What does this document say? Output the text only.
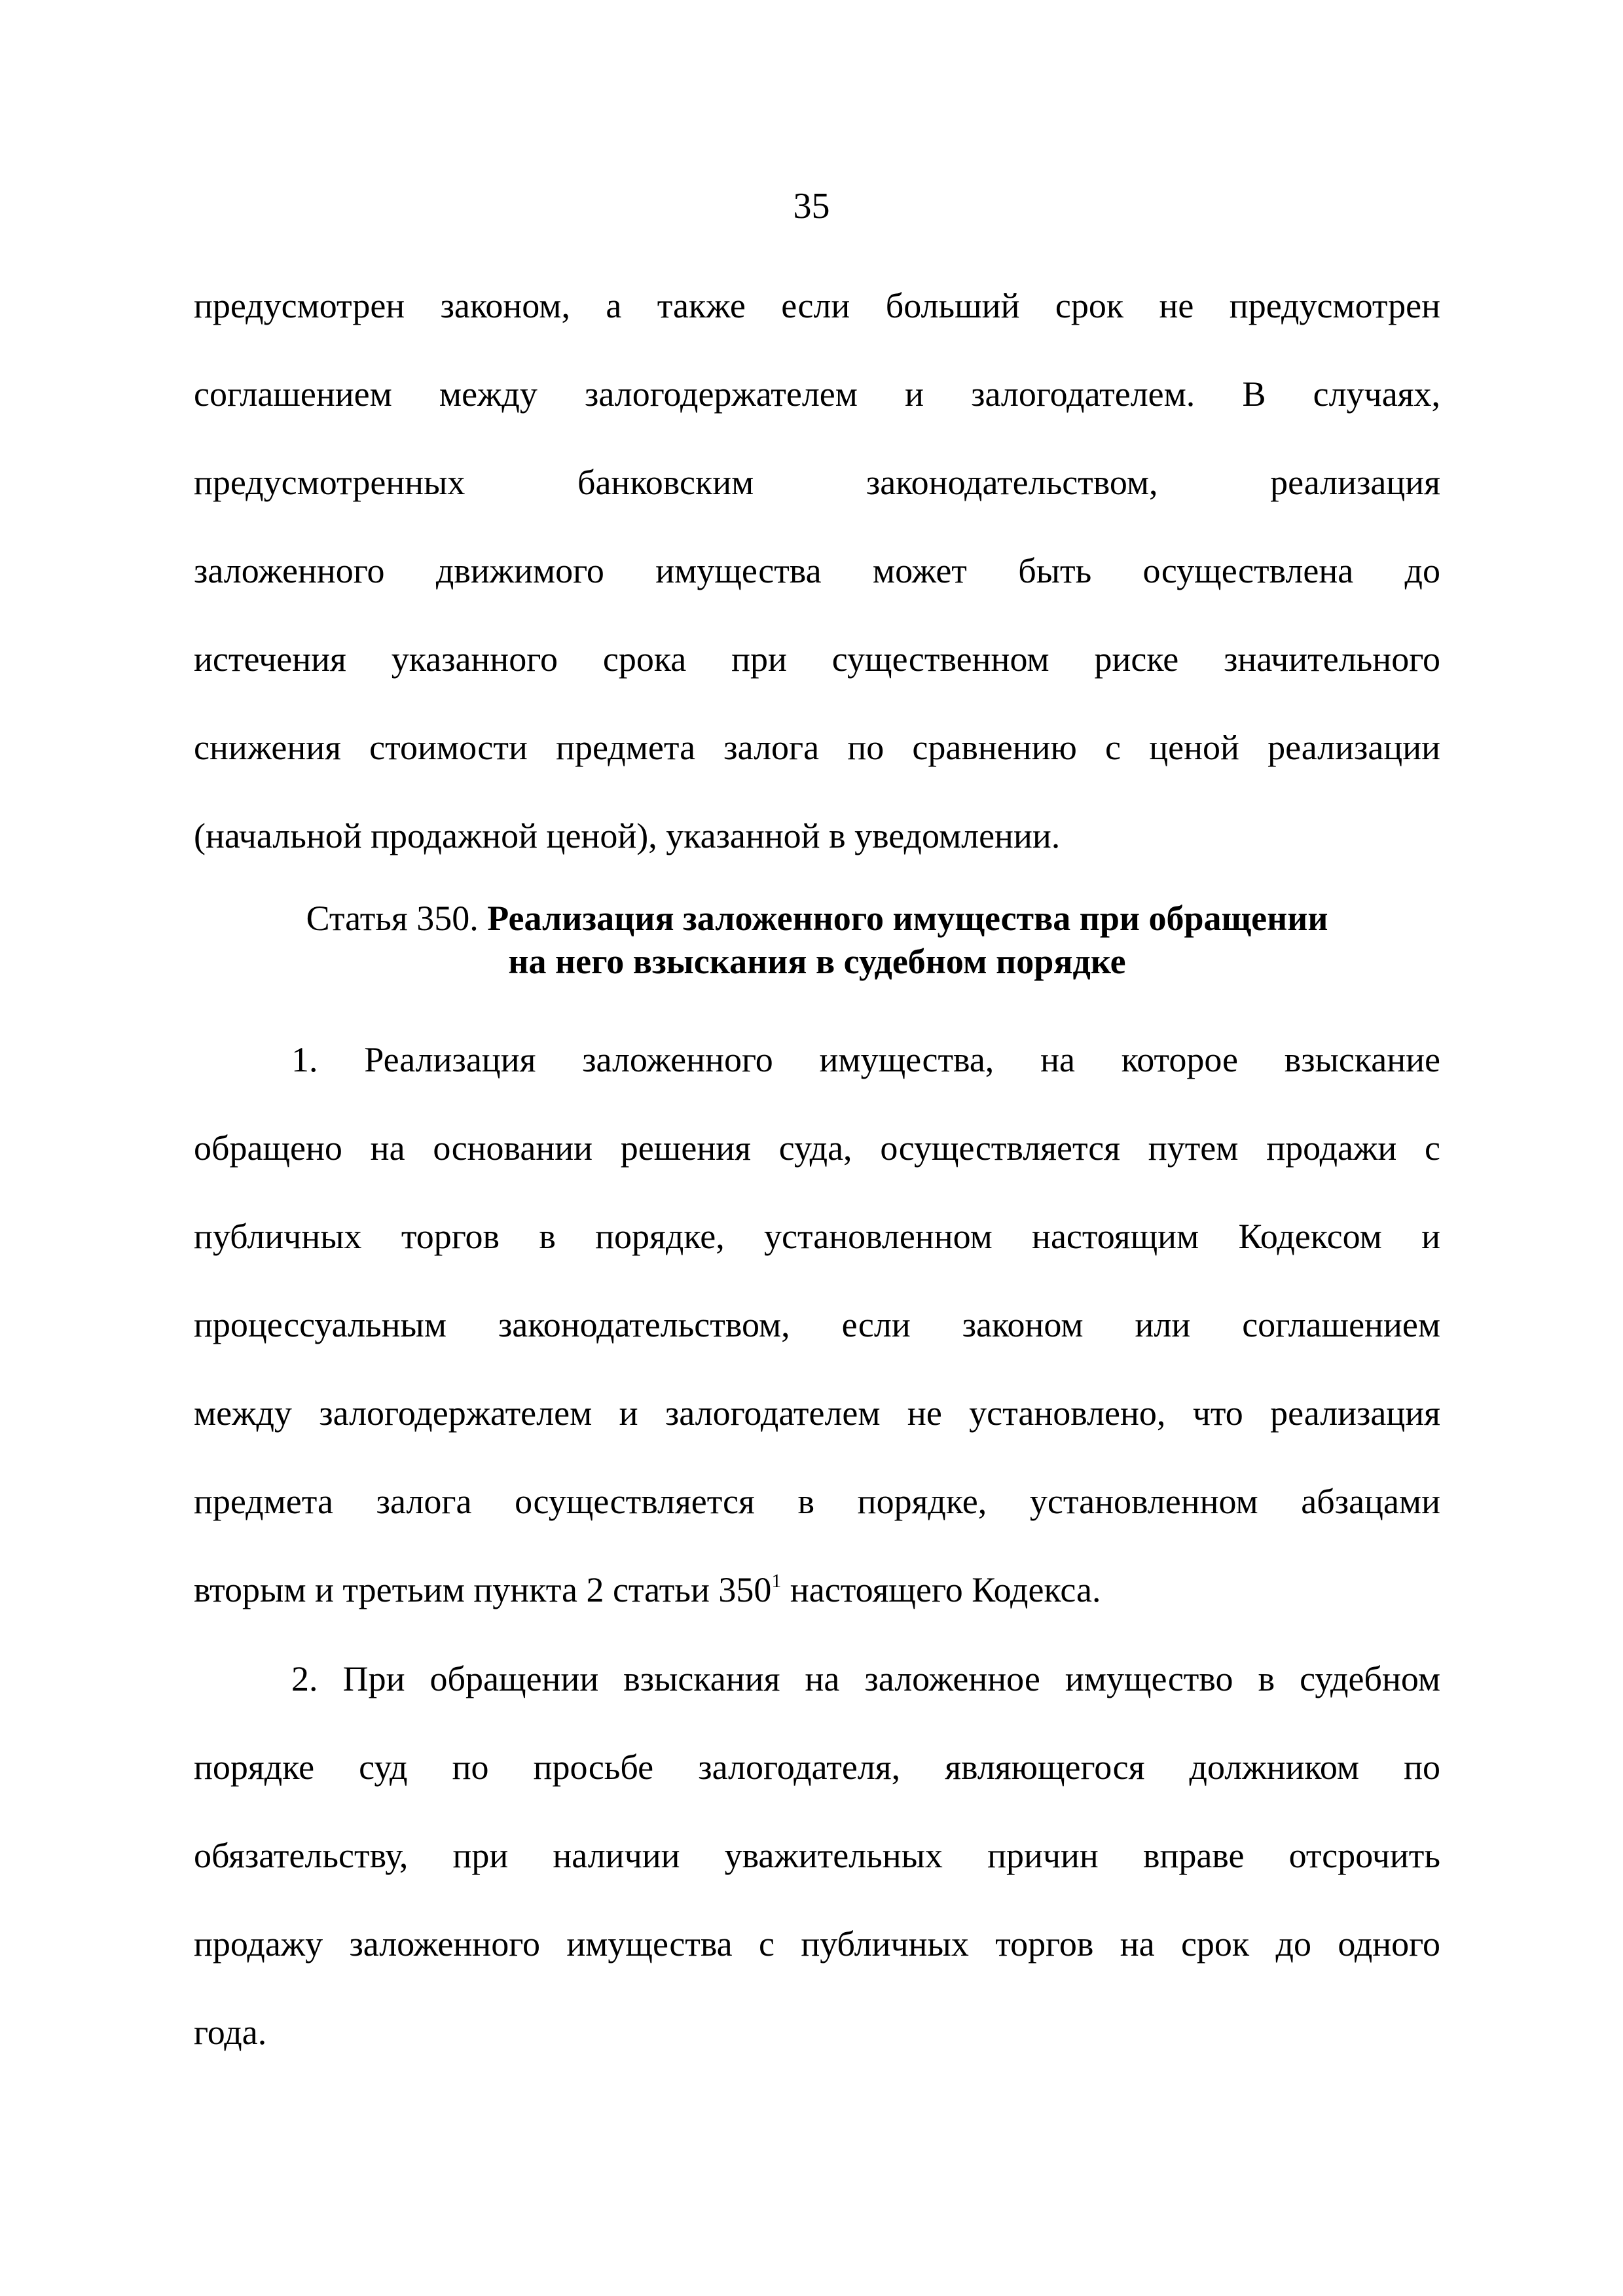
35
предусмотрен законом, а также если больший срок не предусмотрен
соглашением между залогодержателем и залогодателем. В случаях,
предусмотренных банковским законодательством, реализация
заложенного движимого имущества может быть осуществлена до
истечения указанного срока при существенном риске значительного
снижения стоимости предмета залога по сравнению с ценой реализации
(начальной продажной ценой), указанной в уведомлении.
Статья 350. Реализация заложенного имущества при обращении
на него взыскания в судебном порядке
1. Реализация заложенного имущества, на которое взыскание
обращено на основании решения суда, осуществляется путем продажи с
публичных торгов в порядке, установленном настоящим Кодексом и
процессуальным законодательством, если законом или соглашением
между залогодержателем и залогодателем не установлено, что реализация
предмета залога осуществляется в порядке, установленном абзацами
вторым и третьим пункта 2 статьи $350^1$ настоящего Кодекса.
2. При обращении взыскания на заложенное имущество в судебном
порядке суд по просьбе залогодателя, являющегося должником по
обязательству, при наличии уважительных причин вправе отсрочить
продажу заложенного имущества с публичных торгов на срок до одного
года.
